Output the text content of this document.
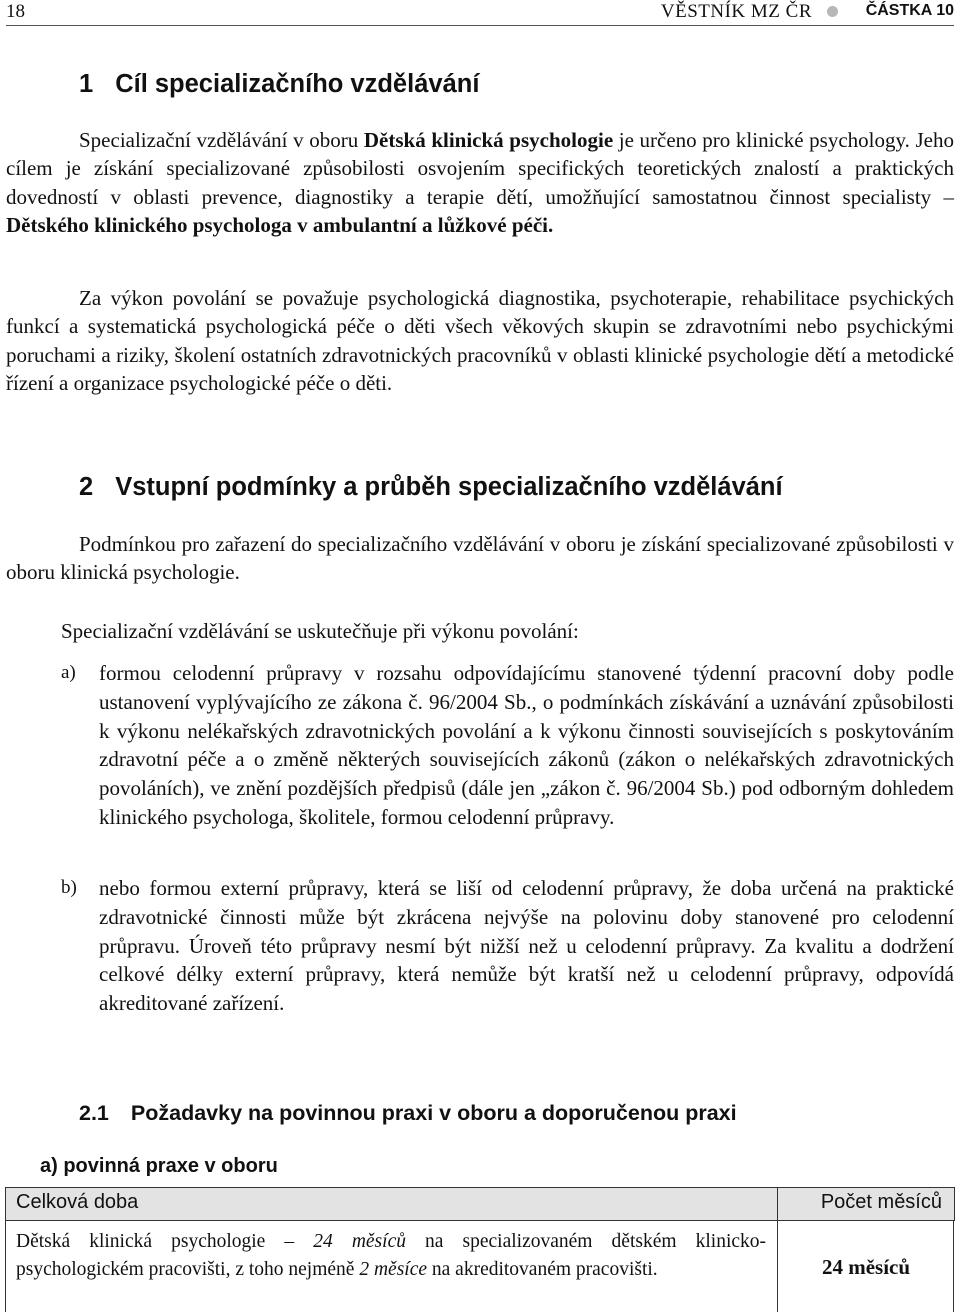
18	VĚSTNÍK MZ ČR	ČÁSTKA 10
1 Cíl specializačního vzdělávání

Specializační vzdělávání v oboru Dětská klinická psychologie je určeno pro klinické psychology. Jeho cílem je získání specializované způsobilosti osvojením specifických teoretických znalostí a praktických dovedností v oblasti prevence, diagnostiky a terapie dětí, umožňující samostatnou činnost specialisty – Dětského klinického psychologa v ambulantní a lůžkové péči.

Za výkon povolání se považuje psychologická diagnostika, psychoterapie, rehabilitace psychických funkcí a systematická psychologická péče o děti všech věkových skupin se zdravotními nebo psychickými poruchami a riziky, školení ostatních zdravotnických pracovníků v oblasti klinické psychologie dětí a metodické řízení a organizace psychologické péče o děti.

2 Vstupní podmínky a průběh specializačního vzdělávání

Podmínkou pro zařazení do specializačního vzdělávání v oboru je získání specializované způsobilosti v oboru klinická psychologie.

Specializační vzdělávání se uskutečňuje při výkonu povolání:

a) formou celodenní průpravy v rozsahu odpovídajícímu stanovené týdenní pracovní doby podle ustanovení vyplývajícího ze zákona č. 96/2004 Sb., o podmínkách získávání a uznávání způsobilosti k výkonu nelékařských zdravotnických povolání a k výkonu činnosti souvisejících s poskytováním zdravotní péče a o změně některých souvisejících zákonů (zákon o nelékařských zdravotnických povoláních), ve znění pozdějších předpisů (dále jen „zákon č. 96/2004 Sb.) pod odborným dohledem klinického psychologa, školitele, formou celodenní průpravy.

b) nebo formou externí průpravy, která se liší od celodenní průpravy, že doba určená na praktické zdravotnické činnosti může být zkrácena nejvýše na polovinu doby stanovené pro celodenní průpravu. Úroveň této průpravy nesmí být nižší než u celodenní průpravy. Za kvalitu a dodržení celkové délky externí průpravy, která nemůže být kratší než u celodenní průpravy, odpovídá akreditované zařízení.

2.1 Požadavky na povinnou praxi v oboru a doporučenou praxi
a) povinná praxe v oboru
Celková doba	Počet měsíců

Dětská klinická psychologie – 24 měsíců na specializovaném dětském klinicko-psychologickém pracovišti, z toho nejméně 2 měsíce na akreditovaném pracovišti.	24 měsíců
